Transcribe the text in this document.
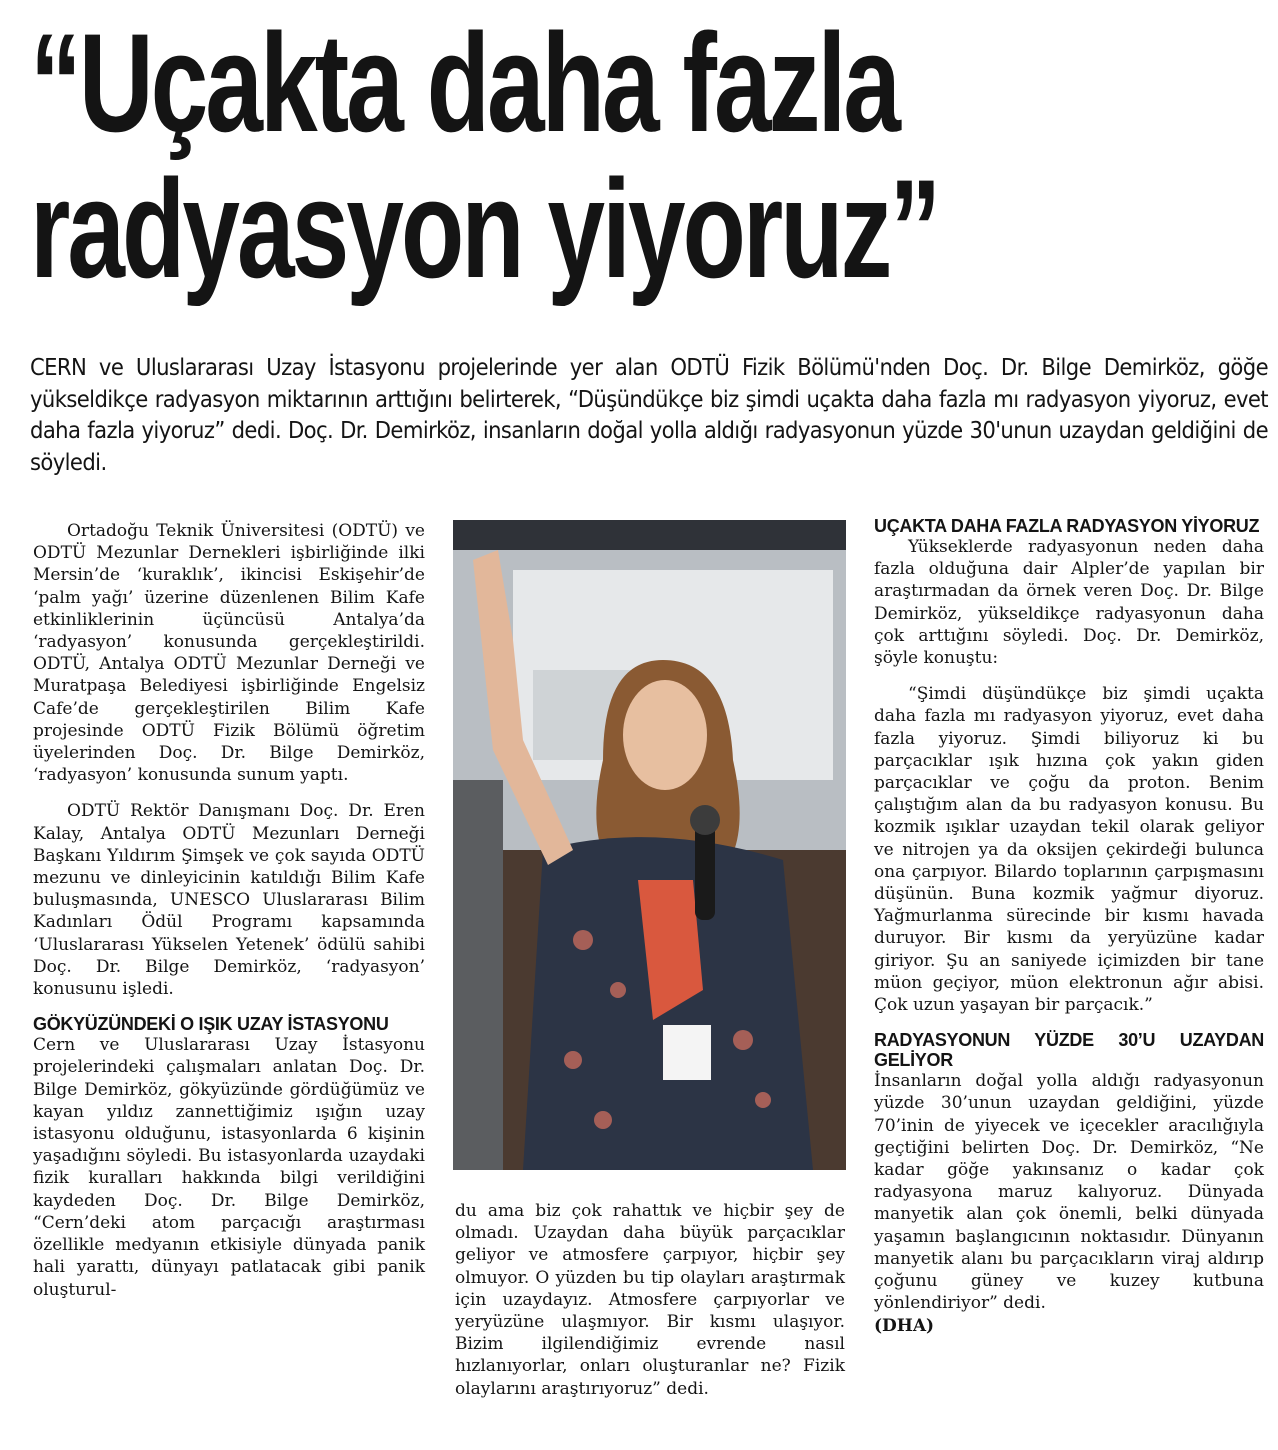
“Uçakta daha fazla
radyasyon yiyoruz”

CERN ve Uluslararası Uzay İstasyonu projelerinde yer alan ODTÜ Fizik Bölümü'nden Doç. Dr. Bilge Demirköz, göğe yükseldikçe radyasyon miktarının arttığını belirterek, “Düşündükçe biz şimdi uçakta daha fazla mı radyasyon yiyoruz, evet daha fazla yiyoruz” dedi. Doç. Dr. Demirköz, insanların doğal yolla aldığı radyasyonun yüzde 30'unun uzaydan geldiğini de söyledi.

Ortadoğu Teknik Üniversitesi (ODTÜ) ve ODTÜ Mezunlar Dernekleri işbirliğinde ilki Mersin’de ‘kuraklık’, ikincisi Eskişehir’de ‘palm yağı’ üzerine düzenlenen Bilim Kafe etkinliklerinin üçüncüsü Antalya’da ‘radyasyon’ konusunda gerçekleştirildi. ODTÜ, Antalya ODTÜ Mezunlar Derneği ve Muratpaşa Belediyesi işbirliğinde Engelsiz Cafe’de gerçekleştirilen Bilim Kafe projesinde ODTÜ Fizik Bölümü öğretim üyelerinden Doç. Dr. Bilge Demirköz, ‘radyasyon’ konusunda sunum yaptı.

ODTÜ Rektör Danışmanı Doç. Dr. Eren Kalay, Antalya ODTÜ Mezunları Derneği Başkanı Yıldırım Şimşek ve çok sayıda ODTÜ mezunu ve dinleyicinin katıldığı Bilim Kafe buluşmasında, UNESCO Uluslararası Bilim Kadınları Ödül Programı kapsamında ‘Uluslararası Yükselen Yetenek’ ödülü sahibi Doç. Dr. Bilge Demirköz, ‘radyasyon’ konusunu işledi.

GÖKYÜZÜNDEKİ O IŞIK UZAY İSTASYONU

Cern ve Uluslararası Uzay İstasyonu projelerindeki çalışmaları anlatan Doç. Dr. Bilge Demirköz, gökyüzünde gördüğümüz ve kayan yıldız zannettiğimiz ışığın uzay istasyonu olduğunu, istasyonlarda 6 kişinin yaşadığını söyledi. Bu istasyonlarda uzaydaki fizik kuralları hakkında bilgi verildiğini kaydeden Doç. Dr. Bilge Demirköz, “Cern’deki atom parçacığı araştırması özellikle medyanın etkisiyle dünyada panik hali yarattı, dünyayı patlatacak gibi panik oluşturul-

du ama biz çok rahattık ve hiçbir şey de olmadı. Uzaydan daha büyük parçacıklar geliyor ve atmosfere çarpıyor, hiçbir şey olmuyor. O yüzden bu tip olayları araştırmak için uzaydayız. Atmosfere çarpıyorlar ve yeryüzüne ulaşmıyor. Bir kısmı ulaşıyor. Bizim ilgilendiğimiz evrende nasıl hızlanıyorlar, onları oluşturanlar ne? Fizik olaylarını araştırıyoruz” dedi.

UÇAKTA DAHA FAZLA RADYASYON YİYORUZ

Yükseklerde radyasyonun neden daha fazla olduğuna dair Alpler’de yapılan bir araştırmadan da örnek veren Doç. Dr. Bilge Demirköz, yükseldikçe radyasyonun daha çok arttığını söyledi. Doç. Dr. Demirköz, şöyle konuştu:

“Şimdi düşündükçe biz şimdi uçakta daha fazla mı radyasyon yiyoruz, evet daha fazla yiyoruz. Şimdi biliyoruz ki bu parçacıklar ışık hızına çok yakın giden parçacıklar ve çoğu da proton. Benim çalıştığım alan da bu radyasyon konusu. Bu kozmik ışıklar uzaydan tekil olarak geliyor ve nitrojen ya da oksijen çekirdeği bulunca ona çarpıyor. Bilardo toplarının çarpışmasını düşünün. Buna kozmik yağmur diyoruz. Yağmurlanma sürecinde bir kısmı havada duruyor. Bir kısmı da yeryüzüne kadar giriyor. Şu an saniyede içimizden bir tane müon geçiyor, müon elektronun ağır abisi. Çok uzun yaşayan bir parçacık.”

RADYASYONUN YÜZDE 30’U UZAYDAN GELİYOR

İnsanların doğal yolla aldığı radyasyonun yüzde 30’unun uzaydan geldiğini, yüzde 70’inin de yiyecek ve içecekler aracılığıyla geçtiğini belirten Doç. Dr. Demirköz, “Ne kadar göğe yakınsanız o kadar çok radyasyona maruz kalıyoruz. Dünyada manyetik alan çok önemli, belki dünyada yaşamın başlangıcının noktasıdır. Dünyanın manyetik alanı bu parçacıkların viraj aldırıp çoğunu güney ve kuzey kutbuna yönlendiriyor” dedi.

(DHA)
